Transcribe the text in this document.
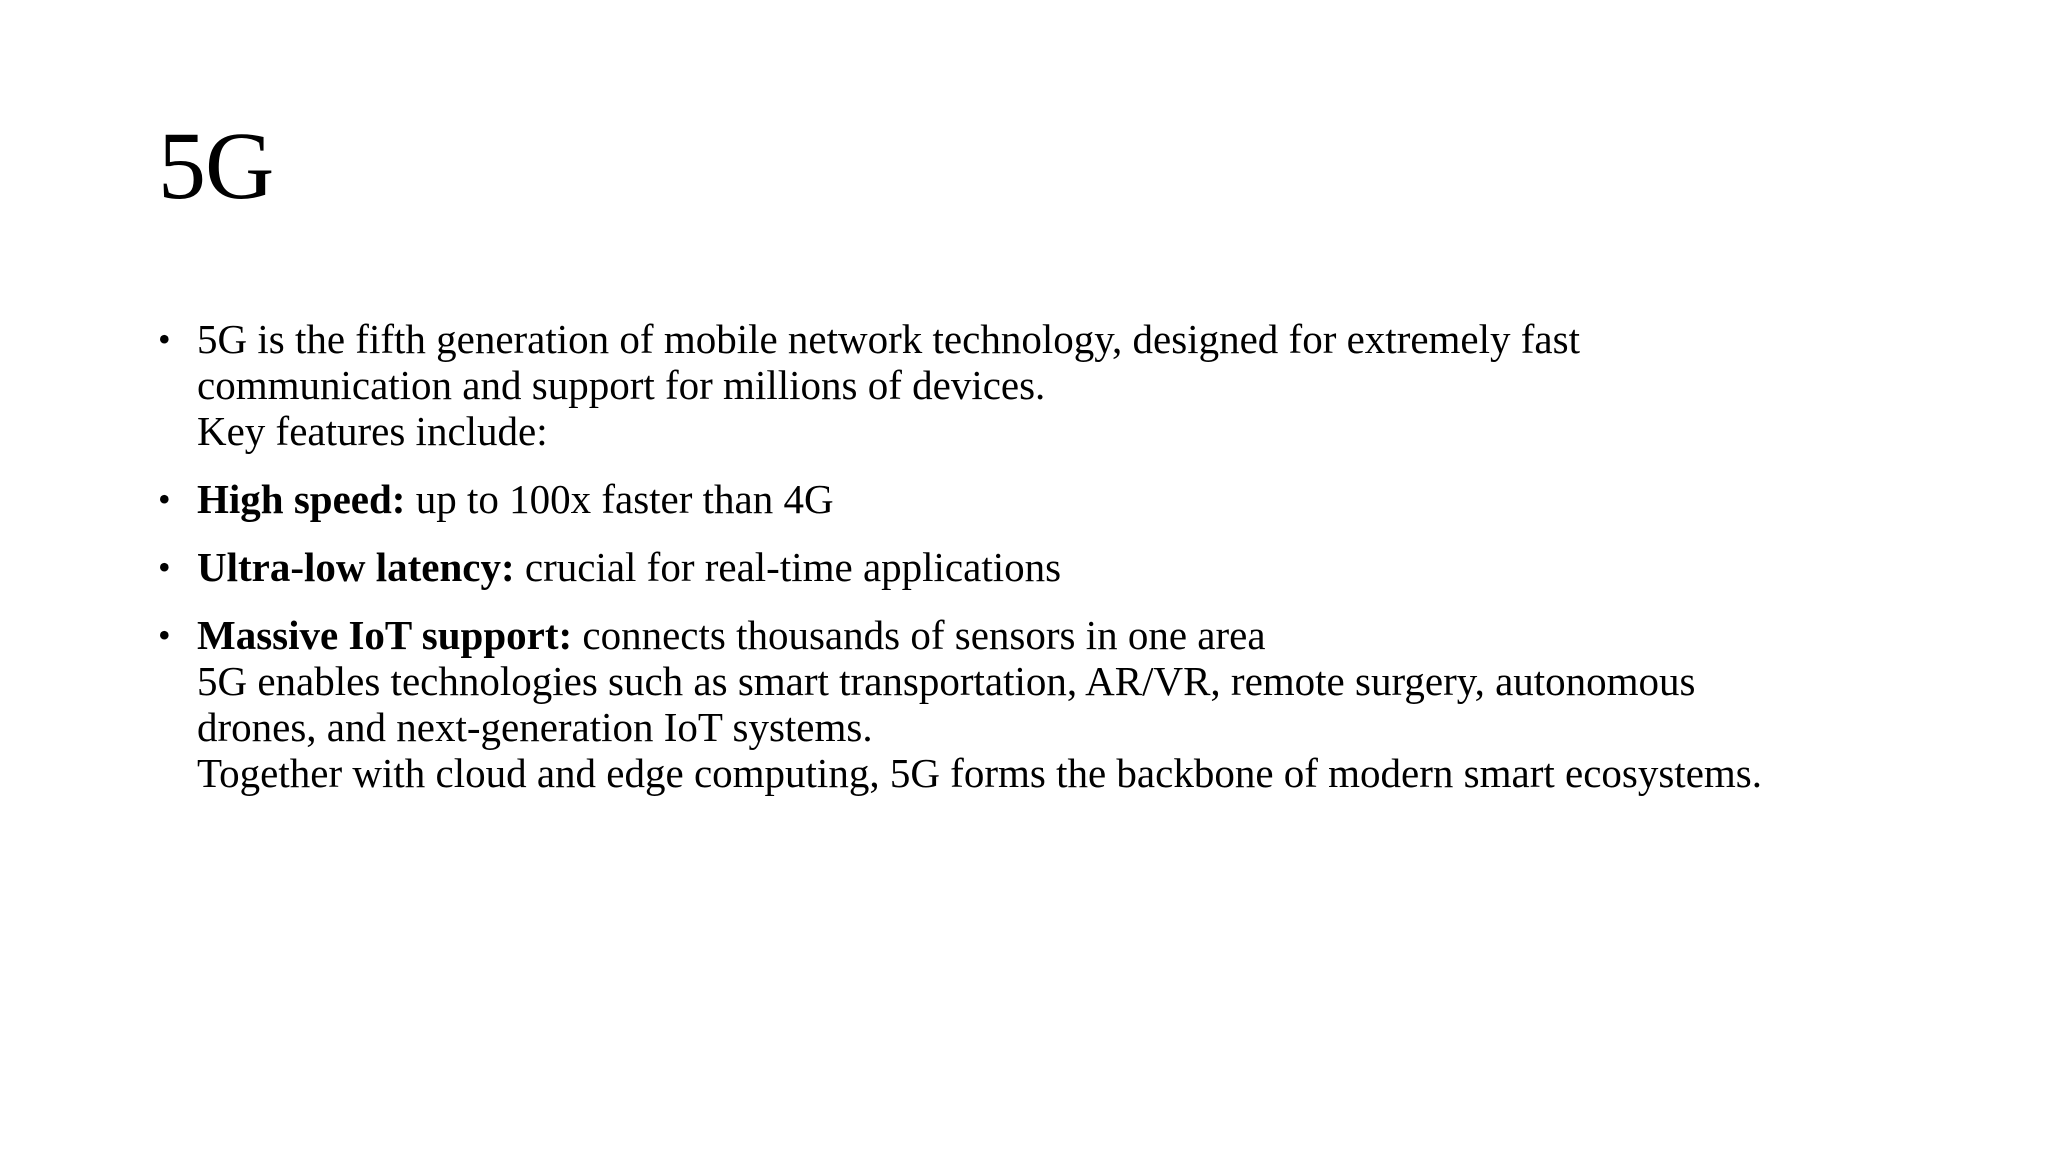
5G
• 5G is the fifth generation of mobile network technology, designed for extremely fast
communication and support for millions of devices.
Key features include:
• High speed: up to 100x faster than 4G
• Ultra-low latency: crucial for real-time applications
• Massive IoT support: connects thousands of sensors in one area
5G enables technologies such as smart transportation, AR/VR, remote surgery, autonomous
drones, and next-generation IoT systems.
Together with cloud and edge computing, 5G forms the backbone of modern smart ecosystems.
